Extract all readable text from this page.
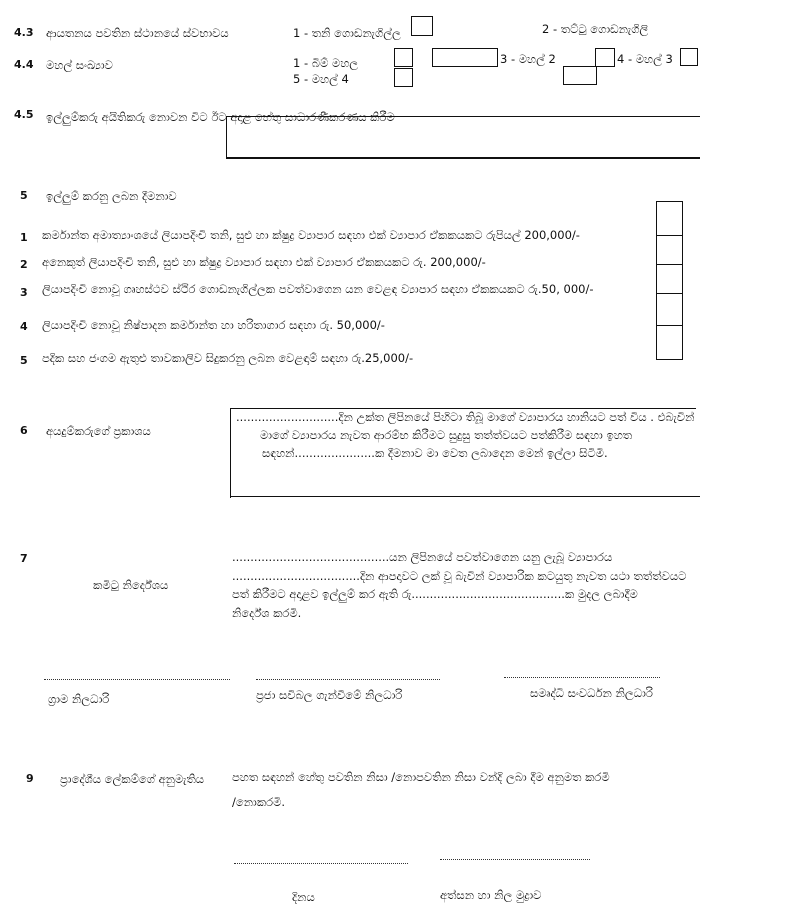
4.3 ආයතනය පවතින ස්ථානයේ ස්වභාවය	1 - තනි ගොඩනැගිල්ල	2 - තට්ටු ගොඩනැගිලි
4.4 මහල් සංඛ්‍යාව	1 - බිම් මහල
5 - මහල් 4
3 - මහල් 2	4 - මහල් 3
4.5 ඉල්ලුම්කරු අයිතිකරු නොවන විට ඊට අදාළ හේතු සාධාරණීකරණය කිරීම
5 ඉල්ලුම් කරනු ලබන දීමනාව
1 කර්මාන්ත අමාත්‍යාංශයේ ලියාපදිංචි තනි, සුළු හා ක්ෂුද්‍ර ව්‍යාපාර සඳහා එක් ව්‍යාපාර ඒකකයකට රුපියල් 200,000/-
2 අනෙකුත් ලියාපදිංචි තනි, සුළු හා ක්ෂුද්‍ර ව්‍යාපාර සඳහා එක් ව්‍යාපාර ඒකකයකට රු. 200,000/-
3 ලියාපදිංචි නොවූ ගෘහස්ථව ස්ථිර ගොඩනැගිල්ලක පවත්වාගෙන යන වෙළඳ ව්‍යාපාර සඳහා ඒකකයකට රු.50, 000/-
4 ලියාපදිංචි නොවූ නිෂ්පාදන කර්මාන්ත හා හරිතාගාර සඳහා රු. 50,000/-
5 පදික සහ ජංගම ඇතුළු තාවකාලිව සිදුකරනු ලබන වෙළඳාම් සඳහා රු.25,000/-
6 අයදුම්කරුගේ ප්‍රකාශය
............................දින උක්ත ලිපිනයේ පිහිටා තිබූ මාගේ ව්‍යාපාරය හානියට පත් විය . එබැවින්
මාගේ ව්‍යාපාරය නැවත ආරම්භ කිරීමට සුදුසු තත්ත්වයට පත්කිරීම සඳහා ඉහත
සඳහන්......................ක දීමනාව මා වෙත ලබාදෙන මෙන් ඉල්ලා සිටිමි.
7
කමිටු නිර්දේශය
...........................................යන ලිපිනයේ පවත්වාගෙන යනු ලැබූ ව්‍යාපාරය
...................................දින ආපදාවට ලක් වූ බැවින් ව්‍යාපාරික කටයුතු නැවත යථා තත්ත්වයට
පත් කිරීමට අදාළව ඉල්ලුම් කර ඇති රු..........................................ක මුදල ලබාදීම
නිර්දේශ කරමි.
ග්‍රාම නිලධාරි	ප්‍රජා සවිබල ගැන්වීමේ නිලධාරි	සමෘද්ධි සංවර්ධන නිලධාරි
9 ප්‍රාදේශීය ලේකම්ගේ අනුමැතිය පහත සඳහන් හේතු පවතින නිසා /නොපවතින නිසා වන්දි ලබා දීම අනුමත කරමි
/නොකරමි.
දිනය	අත්සන හා නිල මුද්‍රාව
